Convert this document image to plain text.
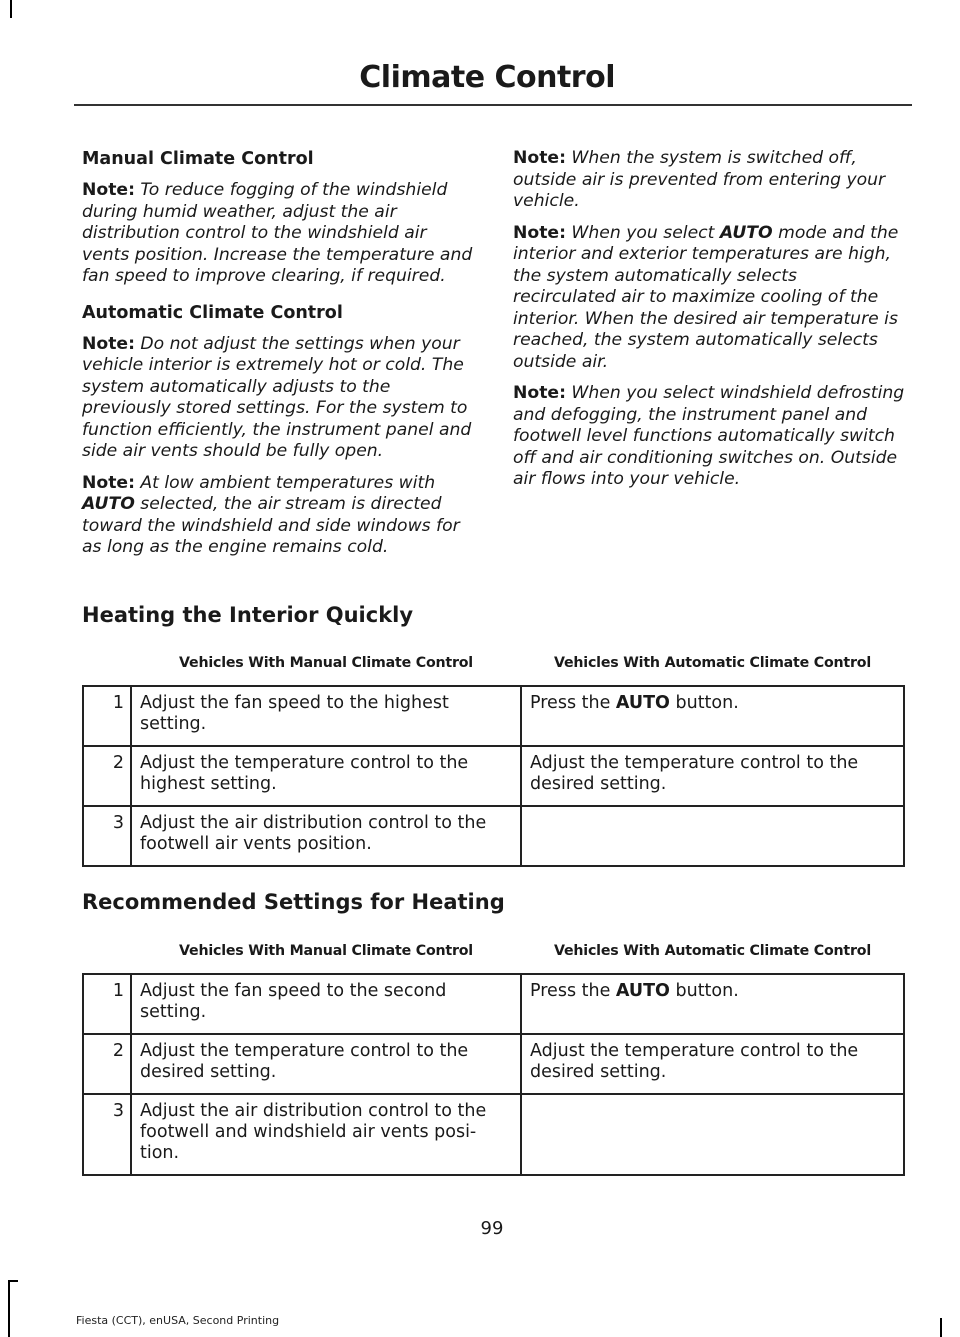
Climate Control
Manual Climate Control

Note: To reduce fogging of the windshield during humid weather, adjust the air distribution control to the windshield air vents position. Increase the temperature and fan speed to improve clearing, if required.

Automatic Climate Control

Note: Do not adjust the settings when your vehicle interior is extremely hot or cold. The system automatically adjusts to the previously stored settings. For the system to function efficiently, the instrument panel and side air vents should be fully open.

Note: At low ambient temperatures with AUTO selected, the air stream is directed toward the windshield and side windows for as long as the engine remains cold.

Note: When the system is switched off, outside air is prevented from entering your vehicle.

Note: When you select AUTO mode and the interior and exterior temperatures are high, the system automatically selects recirculated air to maximize cooling of the interior. When the desired air temperature is reached, the system automatically selects outside air.

Note: When you select windshield defrosting and defogging, the instrument panel and footwell level functions automatically switch off and air conditioning switches on. Outside air flows into your vehicle.

Heating the Interior Quickly
	Vehicles With Manual Climate Control	Vehicles With Automatic Climate Control
1	Adjust the fan speed to the highest setting.	Press the AUTO button.
2	Adjust the temperature control to the highest setting.	Adjust the temperature control to the desired setting.
3	Adjust the air distribution control to the footwell air vents position.	
Recommended Settings for Heating
	Vehicles With Manual Climate Control	Vehicles With Automatic Climate Control
1	Adjust the fan speed to the second setting.	Press the AUTO button.
2	Adjust the temperature control to the desired setting.	Adjust the temperature control to the desired setting.
3	Adjust the air distribution control to the footwell and windshield air vents posi-tion.	
99
Fiesta (CCT), enUSA, Second Printing
